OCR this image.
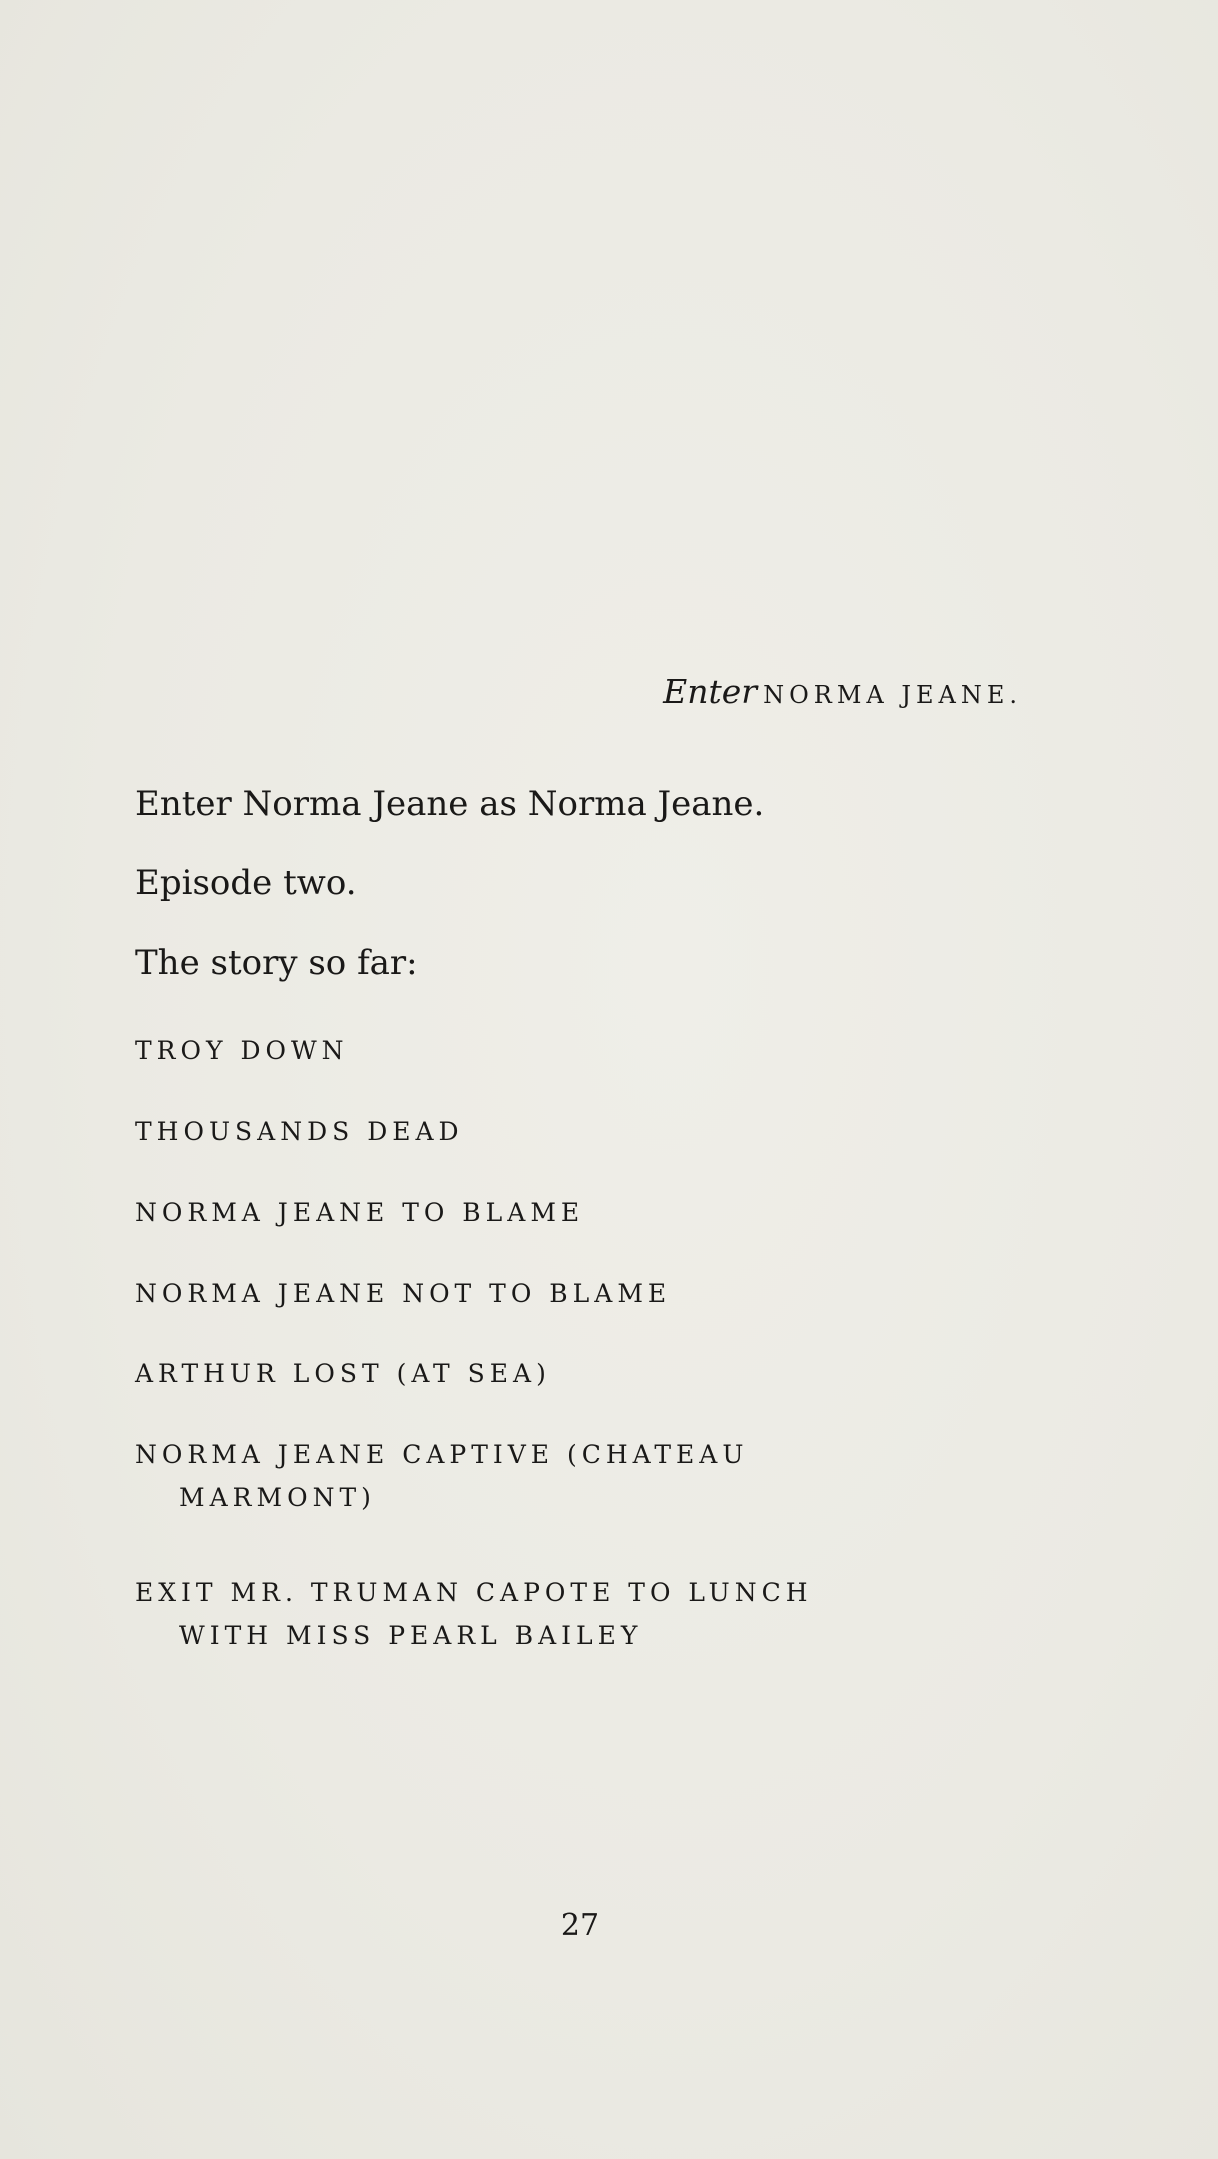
Enter NORMA JEANE.
Enter Norma Jeane as Norma Jeane.
Episode two.
The story so far:
TROY DOWN
THOUSANDS DEAD
NORMA JEANE TO BLAME
NORMA JEANE NOT TO BLAME
ARTHUR LOST (AT SEA)
NORMA JEANE CAPTIVE (CHATEAU
MARMONT)
EXIT MR. TRUMAN CAPOTE TO LUNCH
WITH MISS PEARL BAILEY
27
